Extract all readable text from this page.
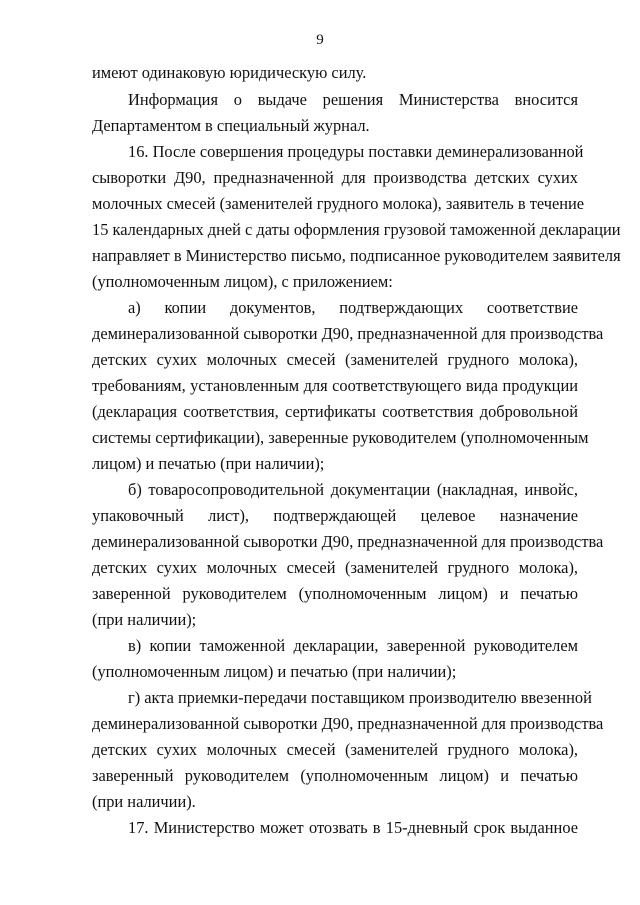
9
имеют одинаковую юридическую силу.
Информация о выдаче решения Министерства вносится
Департаментом в специальный журнал.
16. После совершения процедуры поставки деминерализованной
сыворотки Д90, предназначенной для производства детских сухих
молочных смесей (заменителей грудного молока), заявитель в течение
15 календарных дней с даты оформления грузовой таможенной декларации
направляет в Министерство письмо, подписанное руководителем заявителя
(уполномоченным лицом), с приложением:
а) копии документов, подтверждающих соответствие
деминерализованной сыворотки Д90, предназначенной для производства
детских сухих молочных смесей (заменителей грудного молока),
требованиям, установленным для соответствующего вида продукции
(декларация соответствия, сертификаты соответствия добровольной
системы сертификации), заверенные руководителем (уполномоченным
лицом) и печатью (при наличии);
б) товаросопроводительной документации (накладная, инвойс,
упаковочный лист), подтверждающей целевое назначение
деминерализованной сыворотки Д90, предназначенной для производства
детских сухих молочных смесей (заменителей грудного молока),
заверенной руководителем (уполномоченным лицом) и печатью
(при наличии);
в) копии таможенной декларации, заверенной руководителем
(уполномоченным лицом) и печатью (при наличии);
г) акта приемки-передачи поставщиком производителю ввезенной
деминерализованной сыворотки Д90, предназначенной для производства
детских сухих молочных смесей (заменителей грудного молока),
заверенный руководителем (уполномоченным лицом) и печатью
(при наличии).
17. Министерство может отозвать в 15-дневный срок выданное
